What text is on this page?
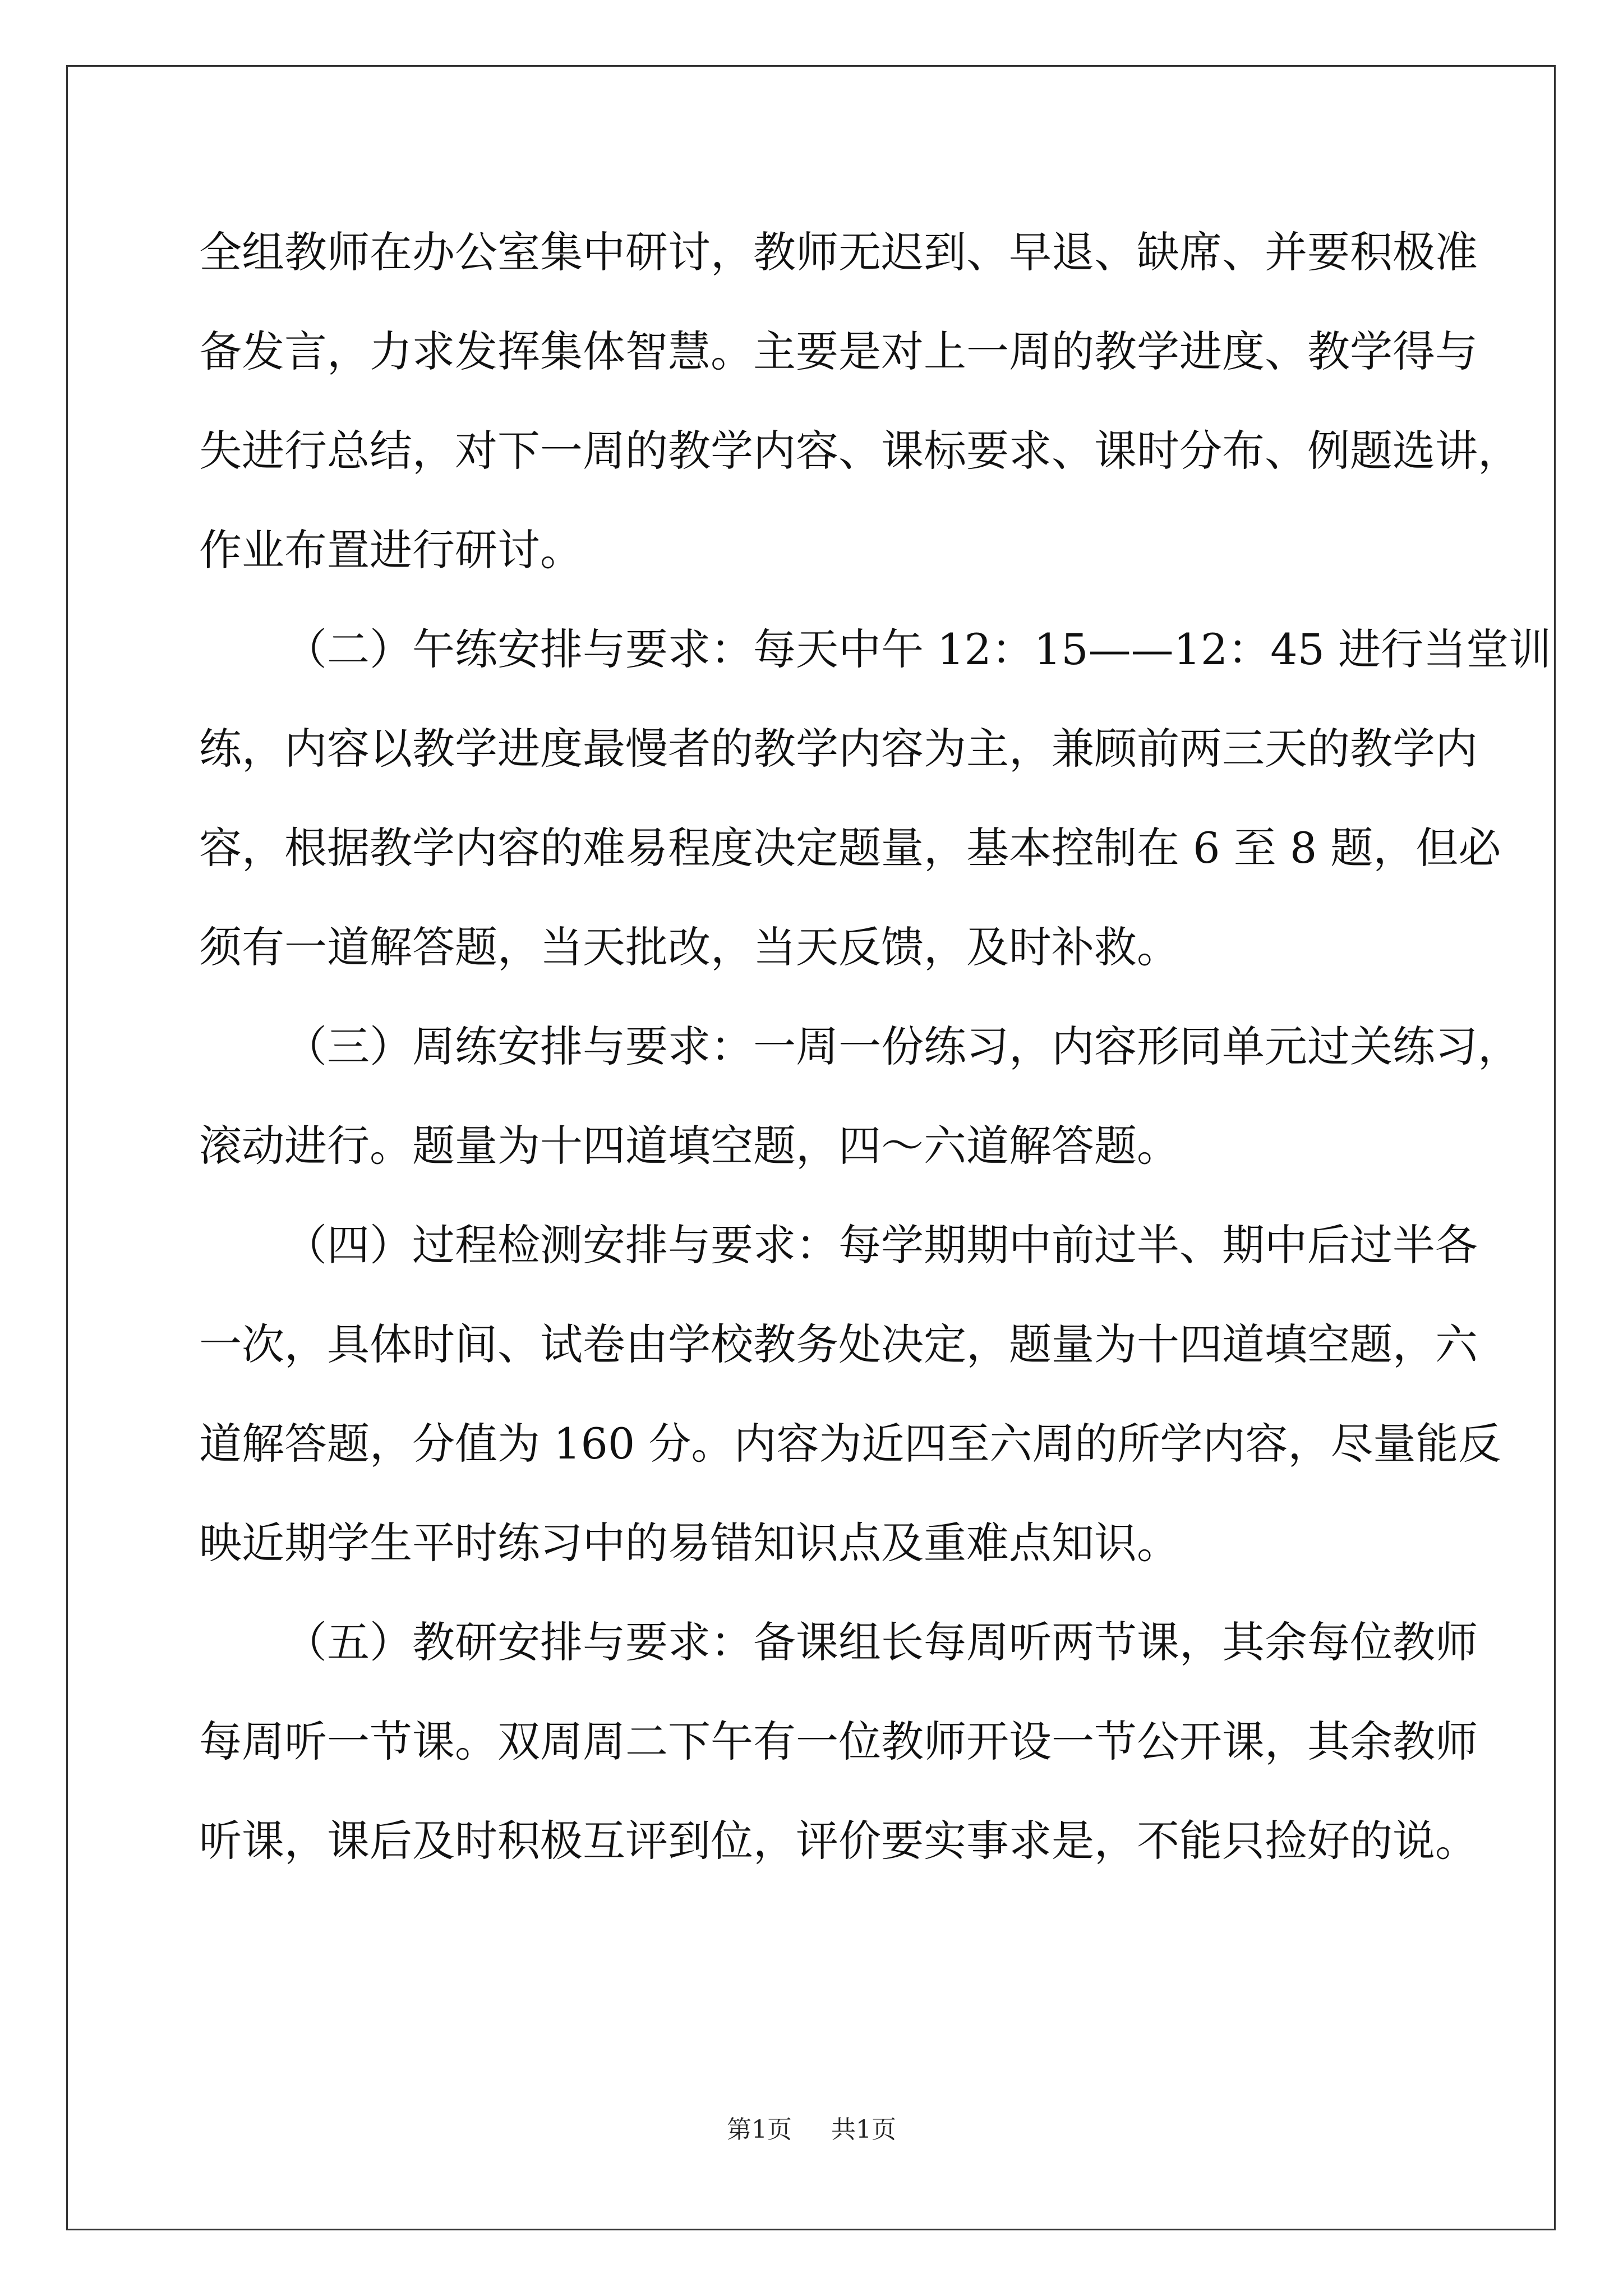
全组教师在办公室集中研讨，教师无迟到、早退、缺席、并要积极准
备发言，力求发挥集体智慧。主要是对上一周的教学进度、教学得与
失进行总结，对下一周的教学内容、课标要求、课时分布、例题选讲，
作业布置进行研讨。
（二）午练安排与要求：每天中午 12：15——12：45 进行当堂训
练，内容以教学进度最慢者的教学内容为主，兼顾前两三天的教学内
容，根据教学内容的难易程度决定题量，基本控制在 6 至 8 题，但必
须有一道解答题，当天批改，当天反馈，及时补救。
（三）周练安排与要求：一周一份练习，内容形同单元过关练习，
滚动进行。题量为十四道填空题，四～六道解答题。
（四）过程检测安排与要求：每学期期中前过半、期中后过半各
一次，具体时间、试卷由学校教务处决定，题量为十四道填空题，六
道解答题，分值为 160 分。内容为近四至六周的所学内容，尽量能反
映近期学生平时练习中的易错知识点及重难点知识。
（五）教研安排与要求：备课组长每周听两节课，其余每位教师
每周听一节课。双周周二下午有一位教师开设一节公开课，其余教师
听课，课后及时积极互评到位，评价要实事求是，不能只捡好的说。
第1页 共1页
